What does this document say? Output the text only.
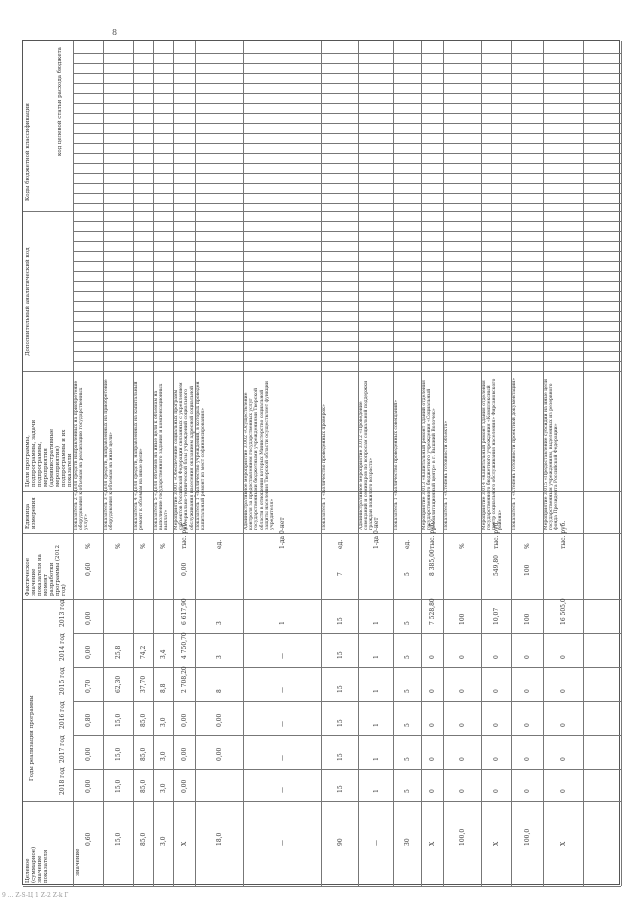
8
Коды бюджетной классификации	код целевой статьи расхода бюджета
Дополнительный аналитический код
Цели программы, подпрограммы, задачи подпрограммы, мероприятия (административные мероприятия) подпрограммы и их показатели
Единица измерения
Фактическое значение показателя на момент разработки программы (2012 год)
Годы реализации программы
Целевое (суммарное) значение показателя	значение
2013 год
2014 год
2015 год
2016 год
2017 год
2018 год
Показатель 2 «Доля средств направленных на приобретение оборудования к объемам на реализацию государственных услуг»
%
0,60
0,00
0,00
0,70
0,80
0,00
0,00
0,60
Показатель 3 «Доля средств, направленных на приобретение оборудования к объемам на иные цели»
%
25,8
62,30
15,0
15,0
15,0
15,0
Показатель 4 «Доля средств, направленных на капитальный ремонт к объемам на иные цели»
%
74,2
37,70
85,0
85,0
85,0
85,0
Показатель 5 «Доля объемов на иные цели к объемам на выполнение государственного задания и компенсационных выплат»
%
3,4
8,8
3,0
3,0
3,0
3,0
Мероприятие 3.001 «Обеспечение социальных программ субъектов Российской Федерации связанных с укреплением материально-технической базы учреждений социального обслуживания населения оказанием адресной социальной
тыс. руб.
0,00
6 617,90
4 750,70
2 708,20
0,00
0,00
0,00
Х
Показатель 1 «Количество учреждений, в которых проведен капитальный ремонт из мест софинансирования»
ед.
3
3
8
0,00
0,00
18,0
Административное мероприятие 3.002 «Осуществление контроля за предоставлением государственных услуг государственными бюджетными учреждениями Тверской области в отношении которых Министерство социальной защиты населения Тверской области осуществляет функции учредителя»
1-да 0-нет
1
—
—
—
—
—
—
Показатель 1 «Количество проведенных проверок»
ед.
7
15
15
15
15
15
15
90
Административное мероприятие 3.012 «Проведение совещаний и семинаров по вопросам социальной поддержки граждан пожилого возраста»
1-да 0-нет
1
1
1
1
1
1
—
Показатель 1 «Количество проведенных совещаний»
ед.
5
5
5
5
5
5
5
30
Мероприятие 3.013 «Капитальный ремонт зданий отделения государственного бюджетного учреждения «Социальный реабилитационный центр» в г. Вышний Волочек»
тыс. руб.
8 385,00
7 528,80
0
0
0
0
0
Х
Показатель 1 «Степень готовности объекта»
%
100
0
0
0
0
0
100,0
Мероприятие 3.014 «Капитальный ремонт здания отделения государственного бюджетного учреждения «Комплексный центр социального обслуживания населения» Фирсановского района»
тыс. руб.
549,80
10,07
0
0
0
0
0
Х
Показатель 1 «Степень готовности проектной документации»
%
100
100
0
0
0
0
0
100,0
Мероприятие 3.015 «Предоставление субсидии на иные цели государственным учреждениям, выделенных из резервного фонда Президента Российской Федерации»
тыс. руб.
16 505,0
0
0
0
0
0
Х
9 ... Z-S-Ц 1 Z-2 Z-k Г
